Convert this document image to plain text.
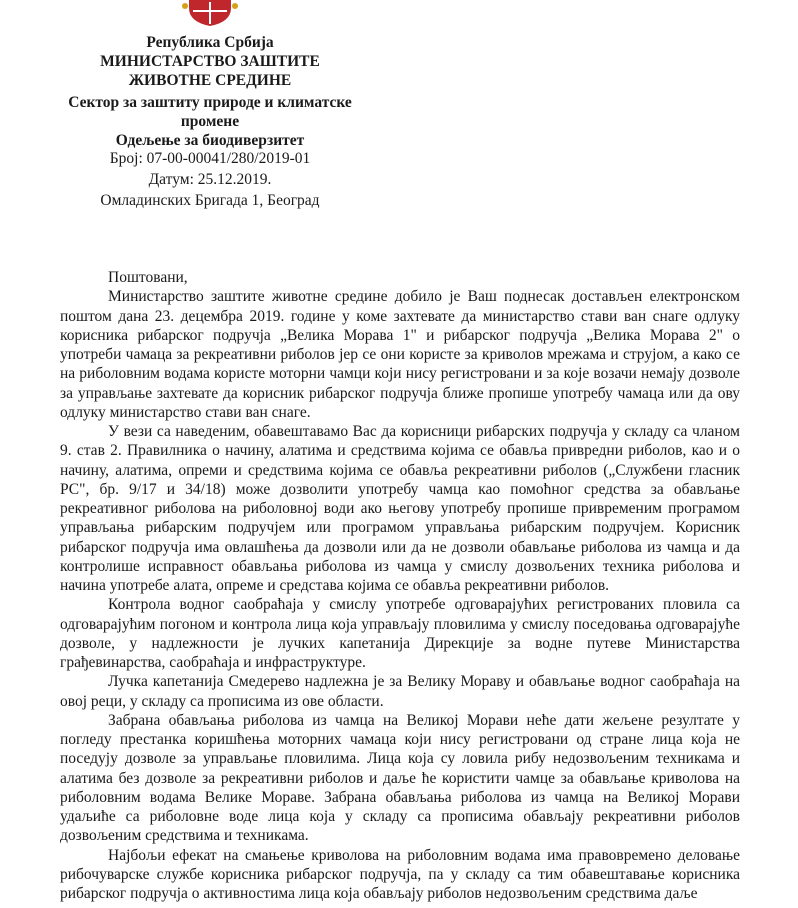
Република Србија
МИНИСТАРСТВО ЗАШТИТЕ
ЖИВОТНЕ СРЕДИНЕ
Сектор за заштиту природе и климатске
промене
Одељење за биодиверзитет
Број: 07-00-00041/280/2019-01
Датум: 25.12.2019.
Омладинских Бригада 1, Београд

Поштовани,

Министарство заштите животне средине добило је Ваш поднесак достављен електронском поштом дана 23. децембра 2019. године у коме захтевате да министарство стави ван снаге одлуку корисника рибарског подручја „Велика Морава 1" и рибарског подручја „Велика Морава 2" о употреби чамаца за рекреативни риболов јер се они користе за криволов мрежама и струјом, а како се на риболовним водама користе моторни чамци који нису регистровани и за које возачи немају дозволе за управљање захтевате да корисник рибарског подручја ближе пропише употребу чамаца или да ову одлуку министарство стави ван снаге.

У вези са наведеним, обавештавамо Вас да корисници рибарских подручја у складу са чланом 9. став 2. Правилника о начину, алатима и средствима којима се обавља привредни риболов, као и о начину, алатима, опреми и средствима којима се обавља рекреативни риболов („Службени гласник РС", бр. 9/17 и 34/18) може дозволити употребу чамца као помоћног средства за обављање рекреативног риболова на риболовној води ако његову употребу пропише привременим програмом управљања рибарским подручјем или програмом управљања рибарским подручјем. Корисник рибарског подручја има овлашћења да дозволи или да не дозволи обављање риболова из чамца и да контролише исправност обављања риболова из чамца у смислу дозвољених техника риболова и начина употребе алата, опреме и средстава којима се обавља рекреативни риболов.

Контрола водног саобраћаја у смислу употребе одговарајућих регистрованих пловила са одговарајућим погоном и контрола лица која управљају пловилима у смислу поседовања одговарајуће дозволе, у надлежности је лучких капетанија Дирекције за водне путеве Министарства грађевинарства, саобраћаја и инфраструктуре.

Лучка капетанија Смедерево надлежна је за Велику Мораву и обављање водног саобраћаја на овој реци, у складу са прописима из ове области.

Забрана обављања риболова из чамца на Великој Морави неће дати жељене резултате у погледу престанка коришћења моторних чамаца који нису регистровани од стране лица која не поседују дозволе за управљање пловилима. Лица која су ловила рибу недозвољеним техникама и алатима без дозволе за рекреативни риболов и даље ће користити чамце за обављање криволова на риболовним водама Велике Мораве. Забрана обављања риболова из чамца на Великој Морави удаљиће са риболовне воде лица која у складу са прописима обављају рекреативни риболов дозвољеним средствима и техникама.

Најбољи ефекат на смањење криволова на риболовним водама има правовремено деловање рибочуварске службе корисника рибарског подручја, па у складу са тим обавештавање корисника рибарског подручја о активностима лица која обављају риболов недозвољеним средствима даље
